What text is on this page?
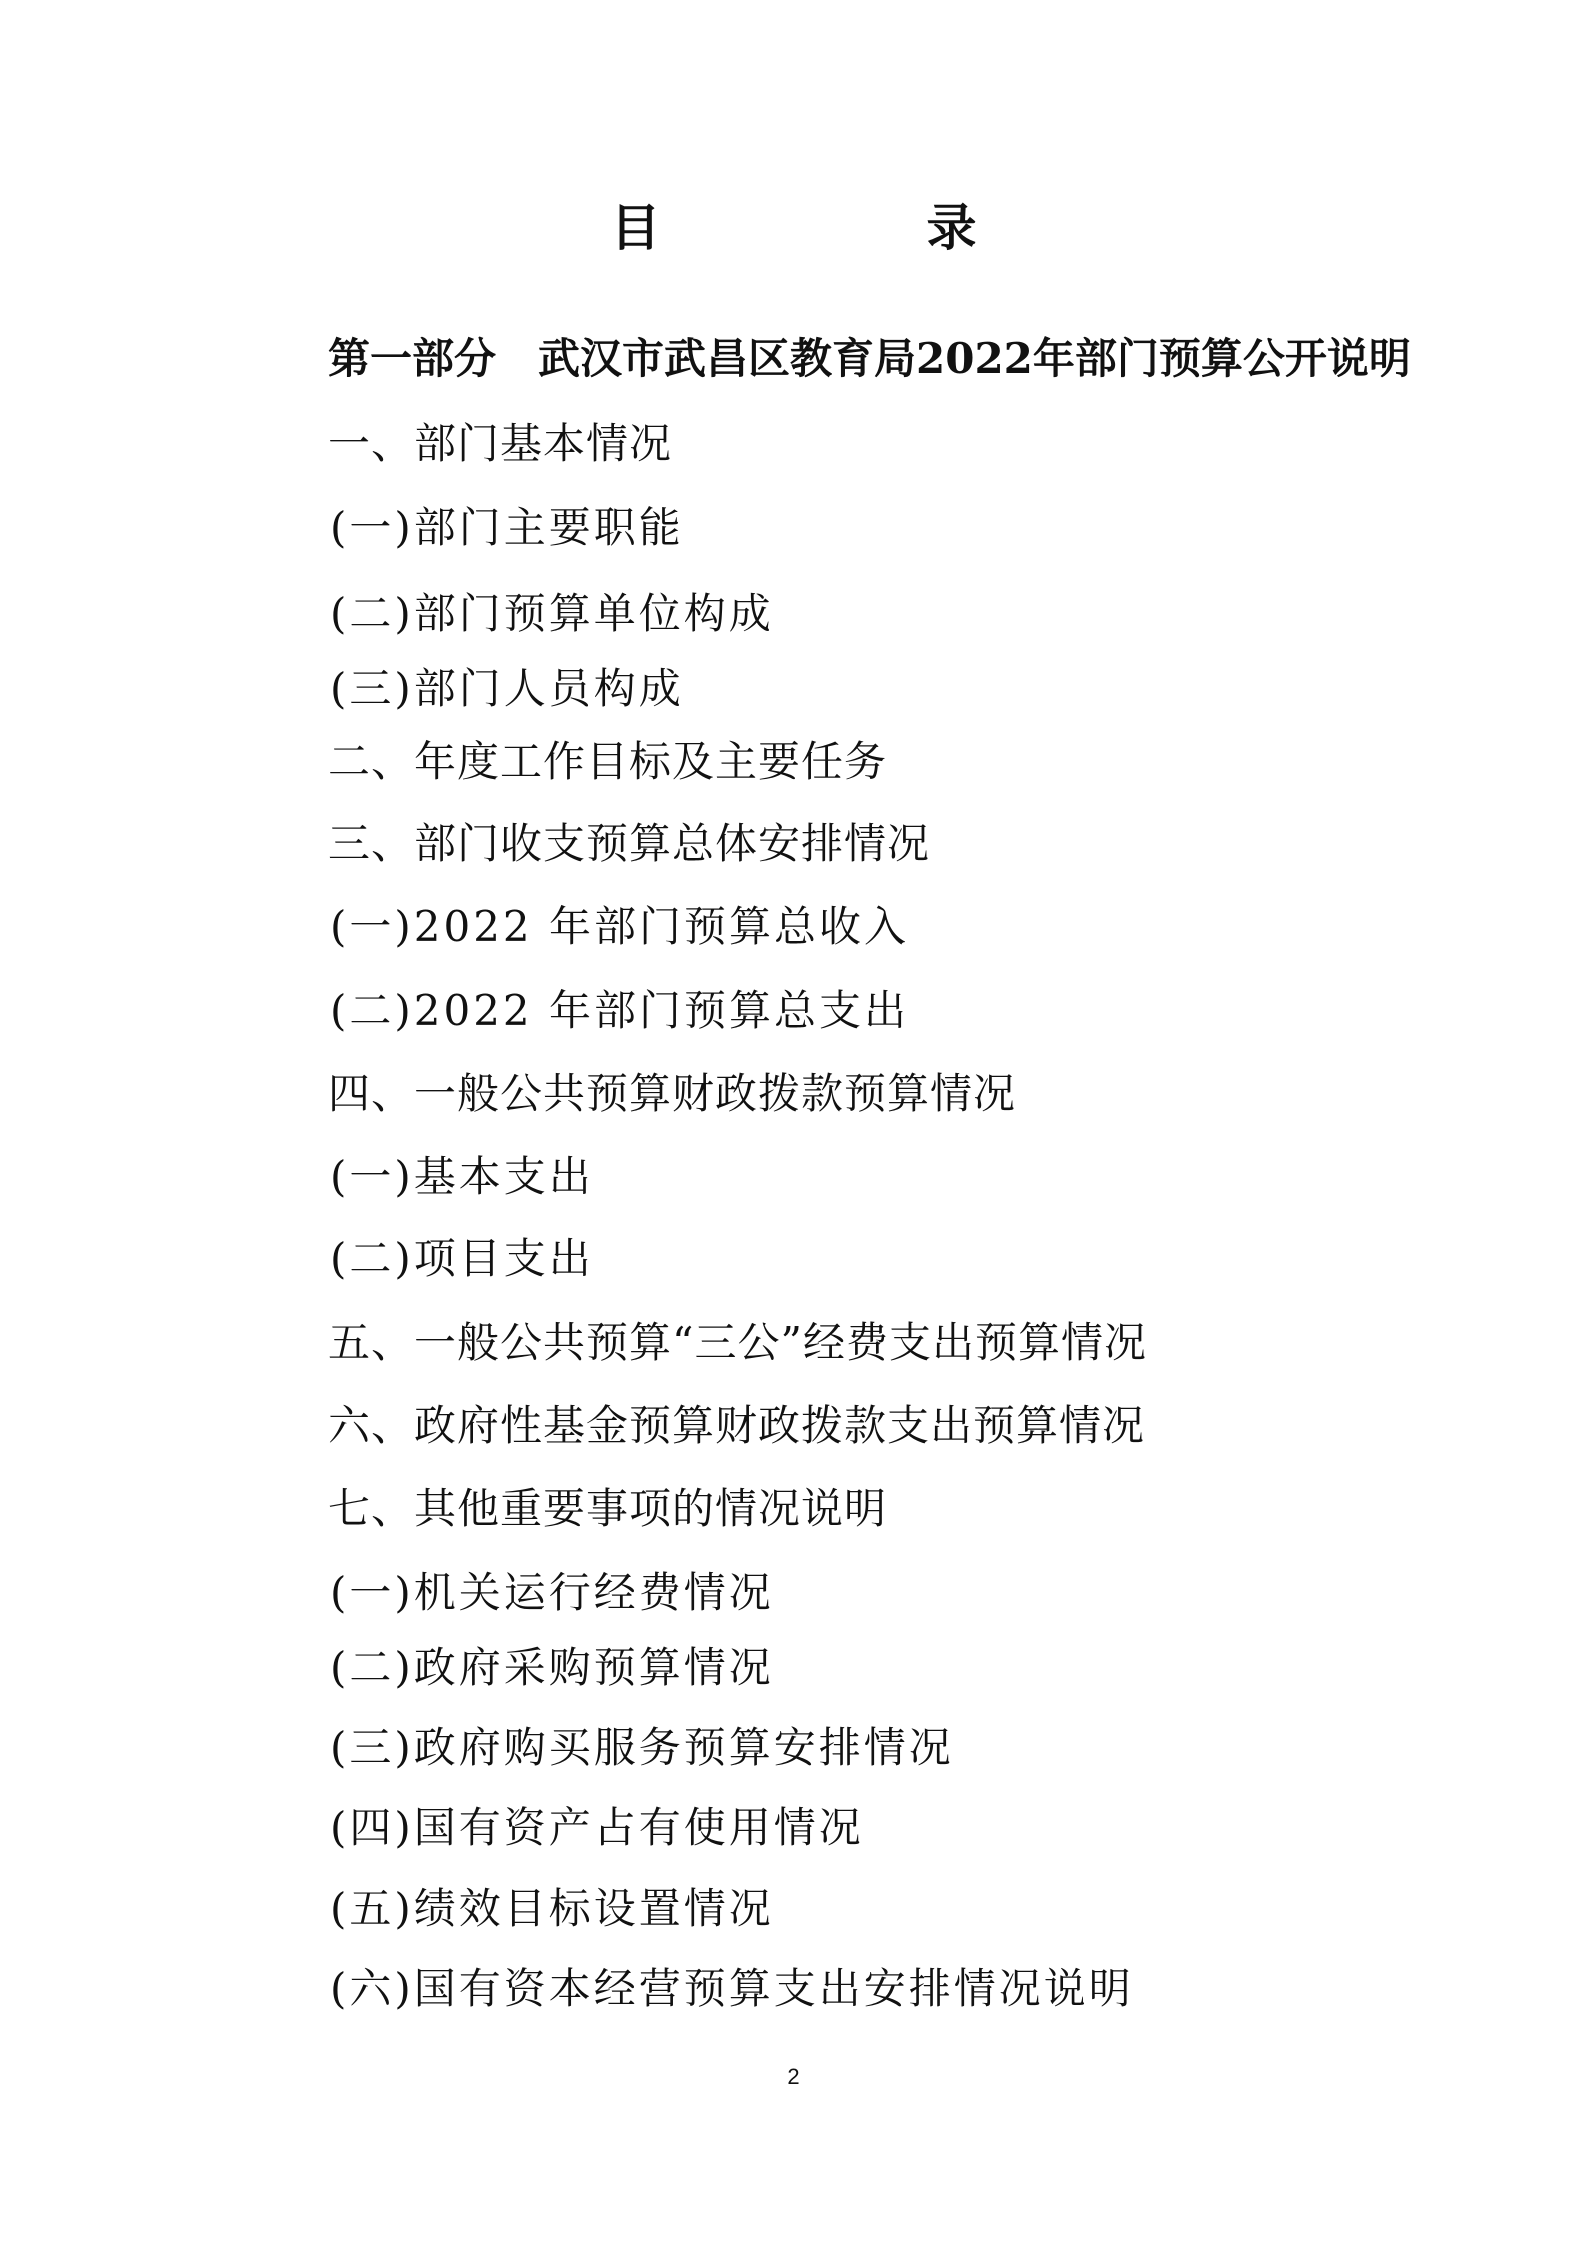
目　录
第一部分 武汉市武昌区教育局2022年部门预算公开说明
一、部门基本情况
(一)部门主要职能
(二)部门预算单位构成
(三)部门人员构成
二、年度工作目标及主要任务
三、部门收支预算总体安排情况
(一)2022 年部门预算总收入
(二)2022 年部门预算总支出
四、一般公共预算财政拨款预算情况
(一)基本支出
(二)项目支出
五、一般公共预算“三公”经费支出预算情况
六、政府性基金预算财政拨款支出预算情况
七、其他重要事项的情况说明
(一)机关运行经费情况
(二)政府采购预算情况
(三)政府购买服务预算安排情况
(四)国有资产占有使用情况
(五)绩效目标设置情况
(六)国有资本经营预算支出安排情况说明
2
